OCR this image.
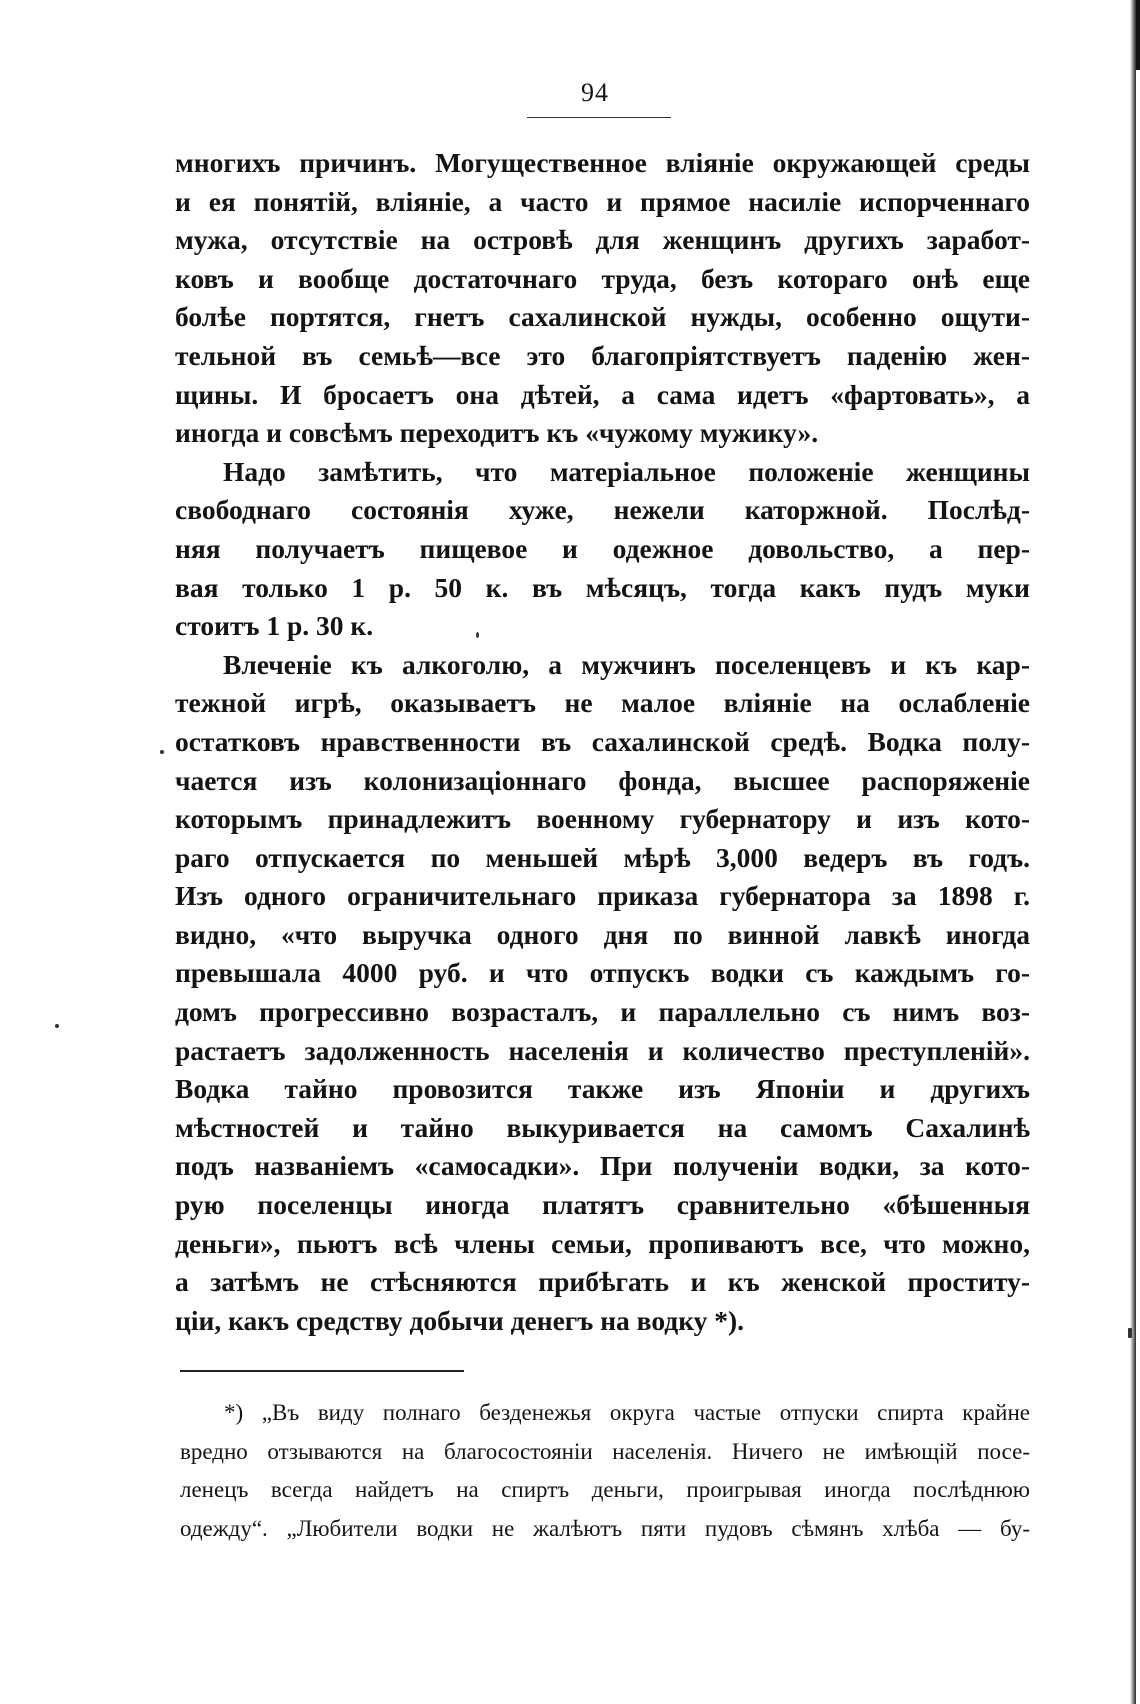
94
многихъ причинъ. Могущественное вліяніе окружающей среды
и ея понятій, вліяніе, а часто и прямое насиліе испорченнаго
мужа, отсутствіе на островѣ для женщинъ другихъ заработ-
ковъ и вообще достаточнаго труда, безъ котораго онѣ еще
болѣе портятся, гнетъ сахалинской нужды, особенно ощути-
тельной въ семьѣ—все это благопріятствуетъ паденію жен-
щины. И бросаетъ она дѣтей, а сама идетъ «фартовать», а
иногда и совсѣмъ переходитъ къ «чужому мужику».
Надо замѣтить, что матеріальное положеніе женщины
свободнаго состоянія хуже, нежели каторжной. Послѣд-
няя получаетъ пищевое и одежное довольство, а пер-
вая только 1 р. 50 к. въ мѣсяцъ, тогда какъ пудъ муки
стоитъ 1 р. 30 к.
Влеченіе къ алкоголю, а мужчинъ поселенцевъ и къ кар-
тежной игрѣ, оказываетъ не малое вліяніе на ослабленіе
остатковъ нравственности въ сахалинской средѣ. Водка полу-
чается изъ колонизаціоннаго фонда, высшее распоряженіе
которымъ принадлежитъ военному губернатору и изъ кото-
раго отпускается по меньшей мѣрѣ 3,000 ведеръ въ годъ.
Изъ одного ограничительнаго приказа губернатора за 1898 г.
видно, «что выручка одного дня по винной лавкѣ иногда
превышала 4000 руб. и что отпускъ водки съ каждымъ го-
домъ прогрессивно возрасталъ, и параллельно съ нимъ воз-
растаетъ задолженность населенія и количество преступленій».
Водка тайно провозится также изъ Японіи и другихъ
мѣстностей и тайно выкуривается на самомъ Сахалинѣ
подъ названіемъ «самосадки». При полученіи водки, за кото-
рую поселенцы иногда платятъ сравнительно «бѣшенныя
деньги», пьютъ всѣ члены семьи, пропиваютъ все, что можно,
а затѣмъ не стѣсняются прибѣгать и къ женской проститу-
ціи, какъ средству добычи денегъ на водку *).
*) „Въ виду полнаго безденежья округа частые отпуски спирта крайне
вредно отзываются на благосостояніи населенія. Ничего не имѣющій посе-
ленецъ всегда найдетъ на спиртъ деньги, проигрывая иногда послѣднюю
одежду“. „Любители водки не жалѣютъ пяти пудовъ сѣмянъ хлѣба — бу-
